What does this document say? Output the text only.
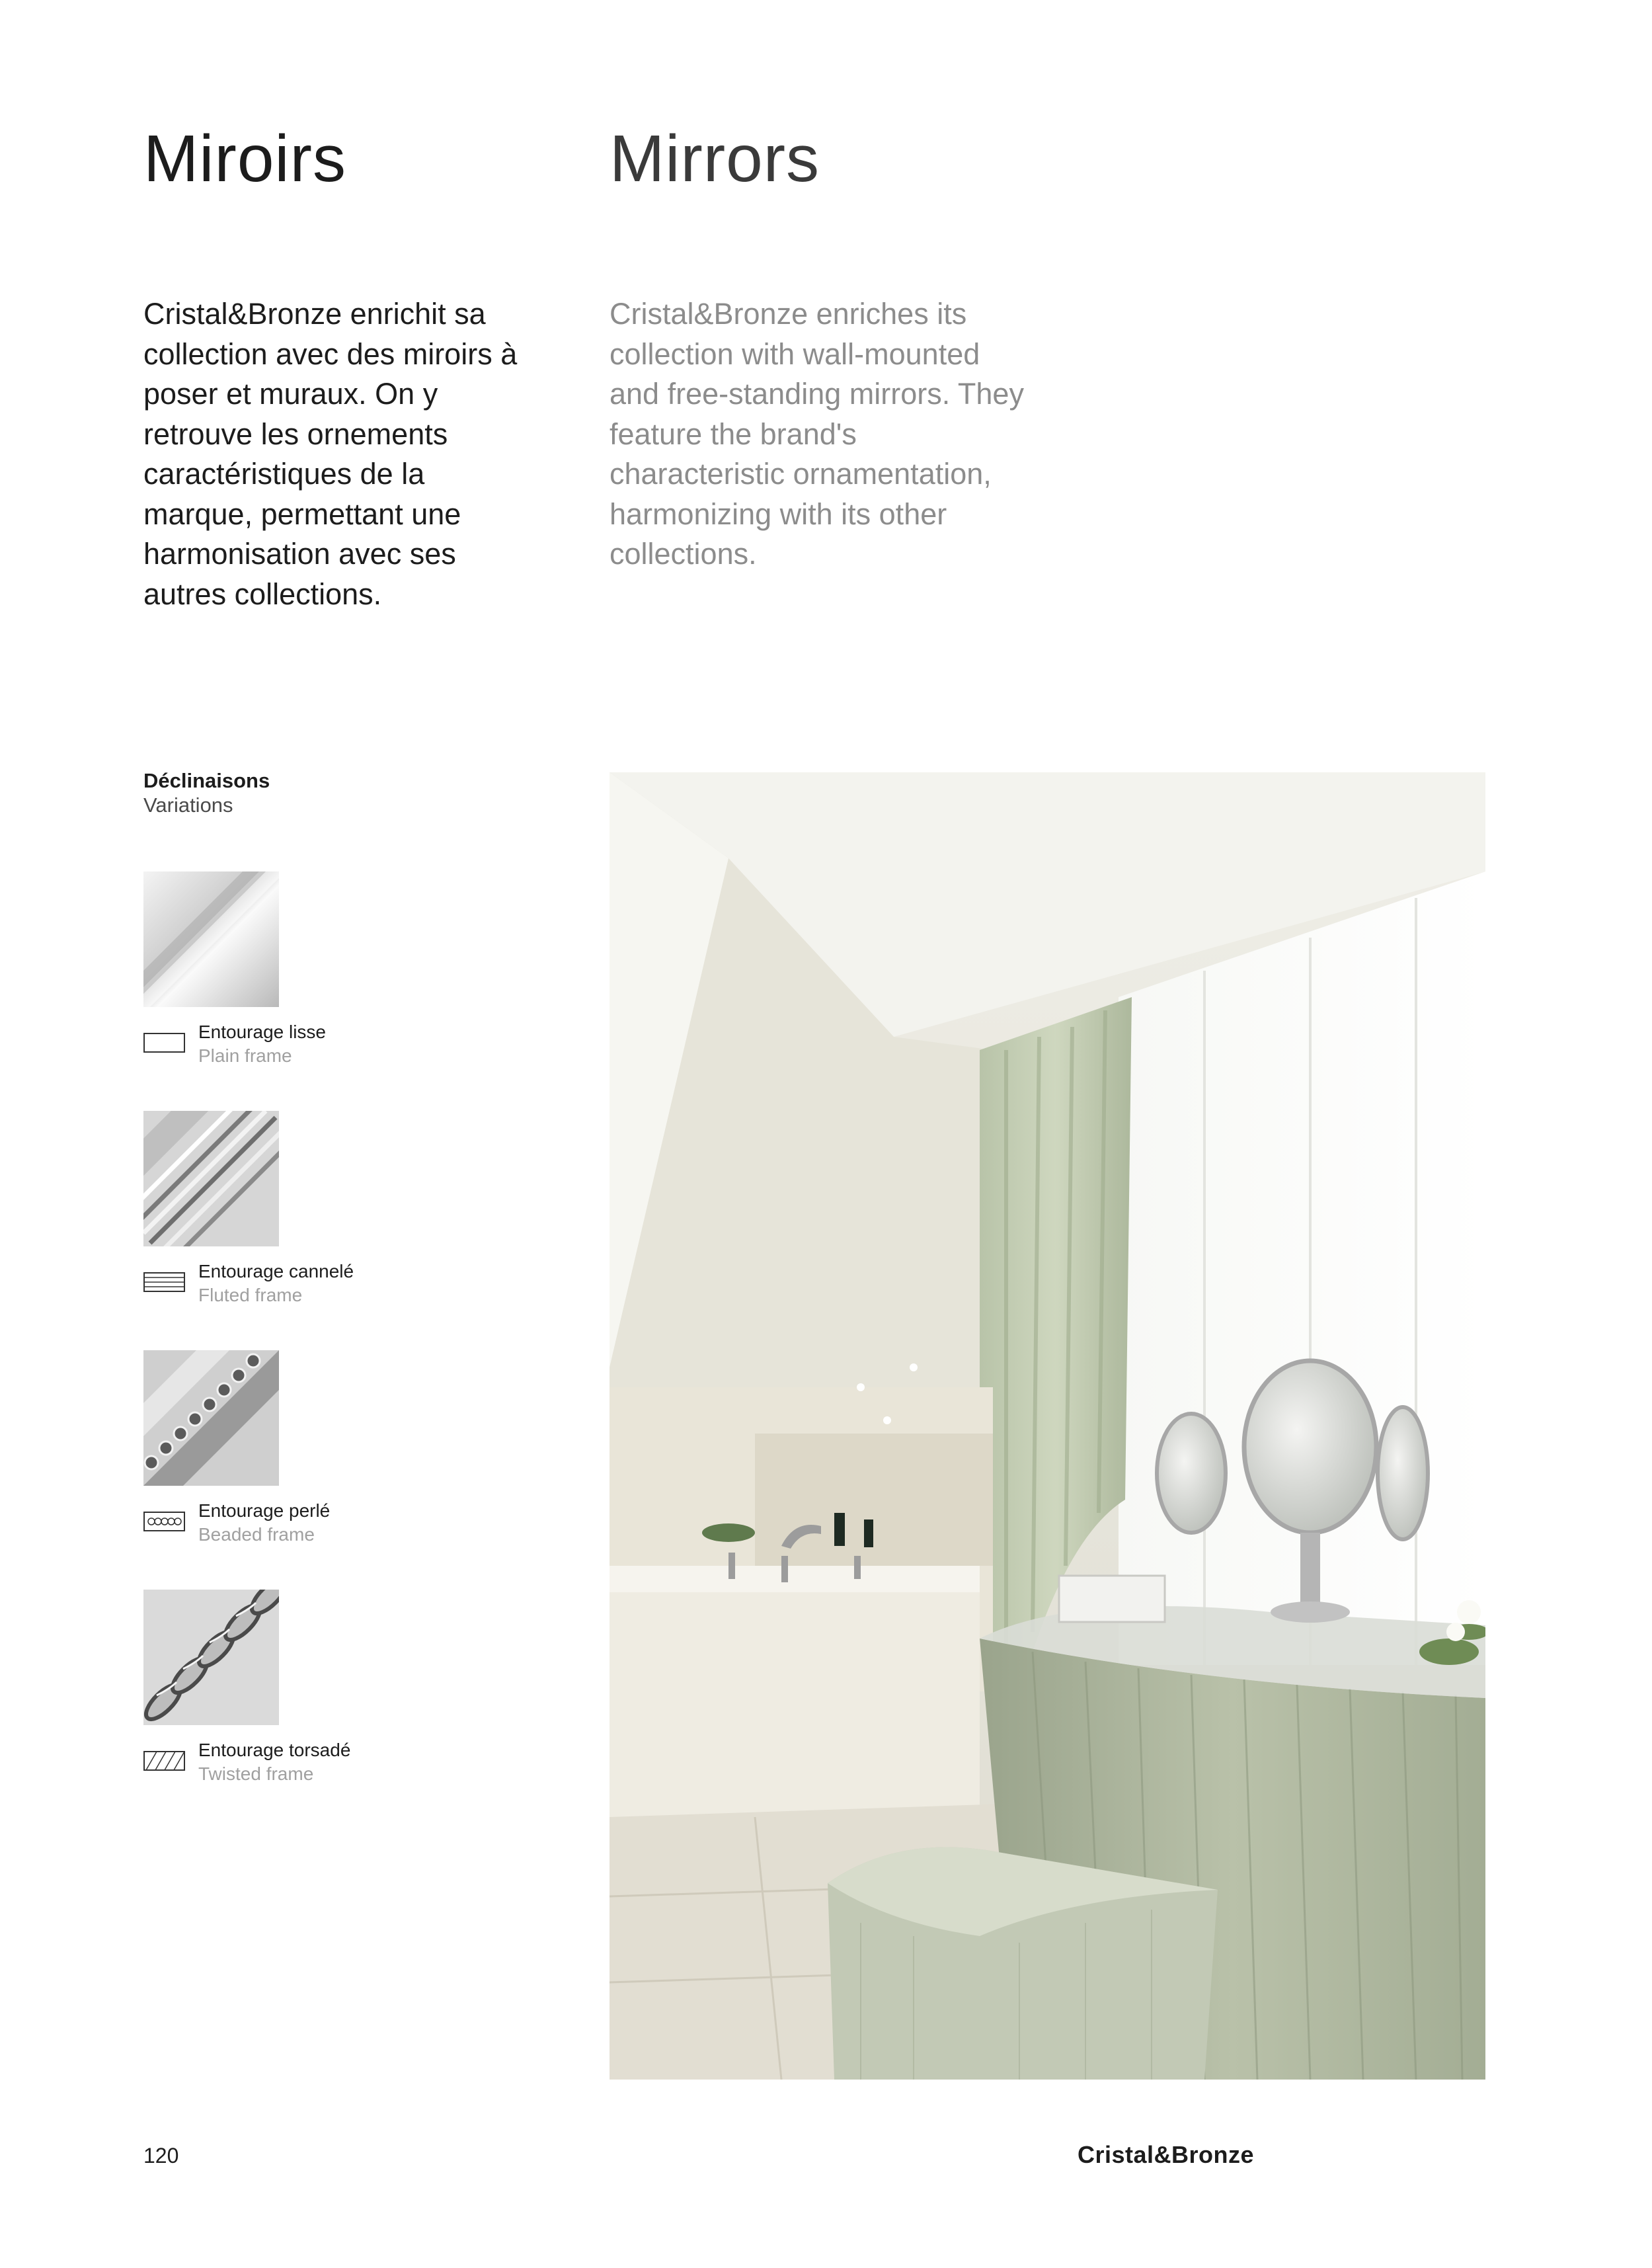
Miroirs	Mirrors

Cristal&Bronze enrichit sa collection avec des miroirs à poser et muraux. On y retrouve les ornements caractéristiques de la marque, permettant une harmonisation avec ses autres collections.

Cristal&Bronze enriches its collection with wall-mounted and free-standing mirrors. They feature the brand's characteristic ornamentation, harmonizing with its other collections.

Déclinaisons
Variations
Entourage lisse
Plain frame
Entourage cannelé
Fluted frame
Entourage perlé
Beaded frame
Entourage torsadé
Twisted frame
120	Cristal&Bronze
